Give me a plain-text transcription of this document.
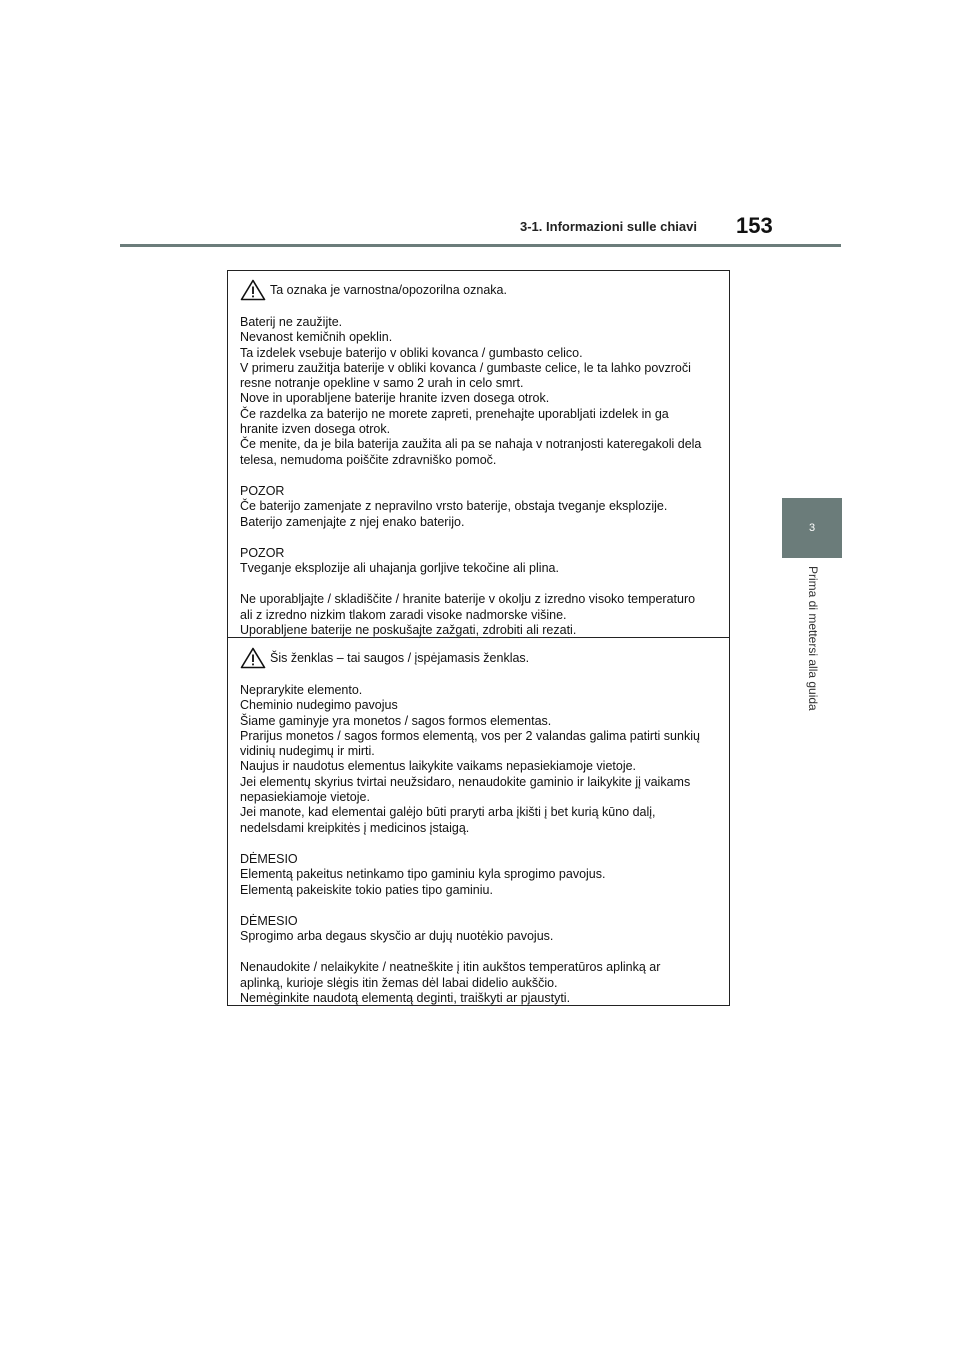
3-1. Informazioni sulle chiavi 153
3
Prima di mettersi alla guida
Ta oznaka je varnostna/opozorilna oznaka.

Baterij ne zaužijte.

Nevanost kemičnih opeklin.

Ta izdelek vsebuje baterijo v obliki kovanca / gumbasto celico.

V primeru zaužitja baterije v obliki kovanca / gumbaste celice, le ta lahko povzroči

resne notranje opekline v samo 2 urah in celo smrt.

Nove in uporabljene baterije hranite izven dosega otrok.

Če razdelka za baterijo ne morete zapreti, prenehajte uporabljati izdelek in ga

hranite izven dosega otrok.

Če menite, da je bila baterija zaužita ali pa se nahaja v notranjosti kateregakoli dela

telesa, nemudoma poiščite zdravniško pomoč.

POZOR

Če baterijo zamenjate z nepravilno vrsto baterije, obstaja tveganje eksplozije.

Baterijo zamenjajte z njej enako baterijo.

POZOR

Tveganje eksplozije ali uhajanja gorljive tekočine ali plina.

Ne uporabljajte / skladiščite / hranite baterije v okolju z izredno visoko temperaturo

ali z izredno nizkim tlakom zaradi visoke nadmorske višine.

Uporabljene baterije ne poskušajte zažgati, zdrobiti ali rezati.

Šis ženklas – tai saugos / įspėjamasis ženklas.

Neprarykite elemento.

Cheminio nudegimo pavojus

Šiame gaminyje yra monetos / sagos formos elementas.

Prarijus monetos / sagos formos elementą, vos per 2 valandas galima patirti sunkių

vidinių nudegimų ir mirti.

Naujus ir naudotus elementus laikykite vaikams nepasiekiamoje vietoje.

Jei elementų skyrius tvirtai neužsidaro, nenaudokite gaminio ir laikykite jį vaikams

nepasiekiamoje vietoje.

Jei manote, kad elementai galėjo būti praryti arba įkišti į bet kurią kūno dalį,

nedelsdami kreipkitės į medicinos įstaigą.

DĖMESIO

Elementą pakeitus netinkamo tipo gaminiu kyla sprogimo pavojus.

Elementą pakeiskite tokio paties tipo gaminiu.

DĖMESIO

Sprogimo arba degaus skysčio ar dujų nuotėkio pavojus.

Nenaudokite / nelaikykite / neatneškite į itin aukštos temperatūros aplinką ar

aplinką, kurioje slėgis itin žemas dėl labai didelio aukščio.

Nemėginkite naudotą elementą deginti, traiškyti ar pjaustyti.
